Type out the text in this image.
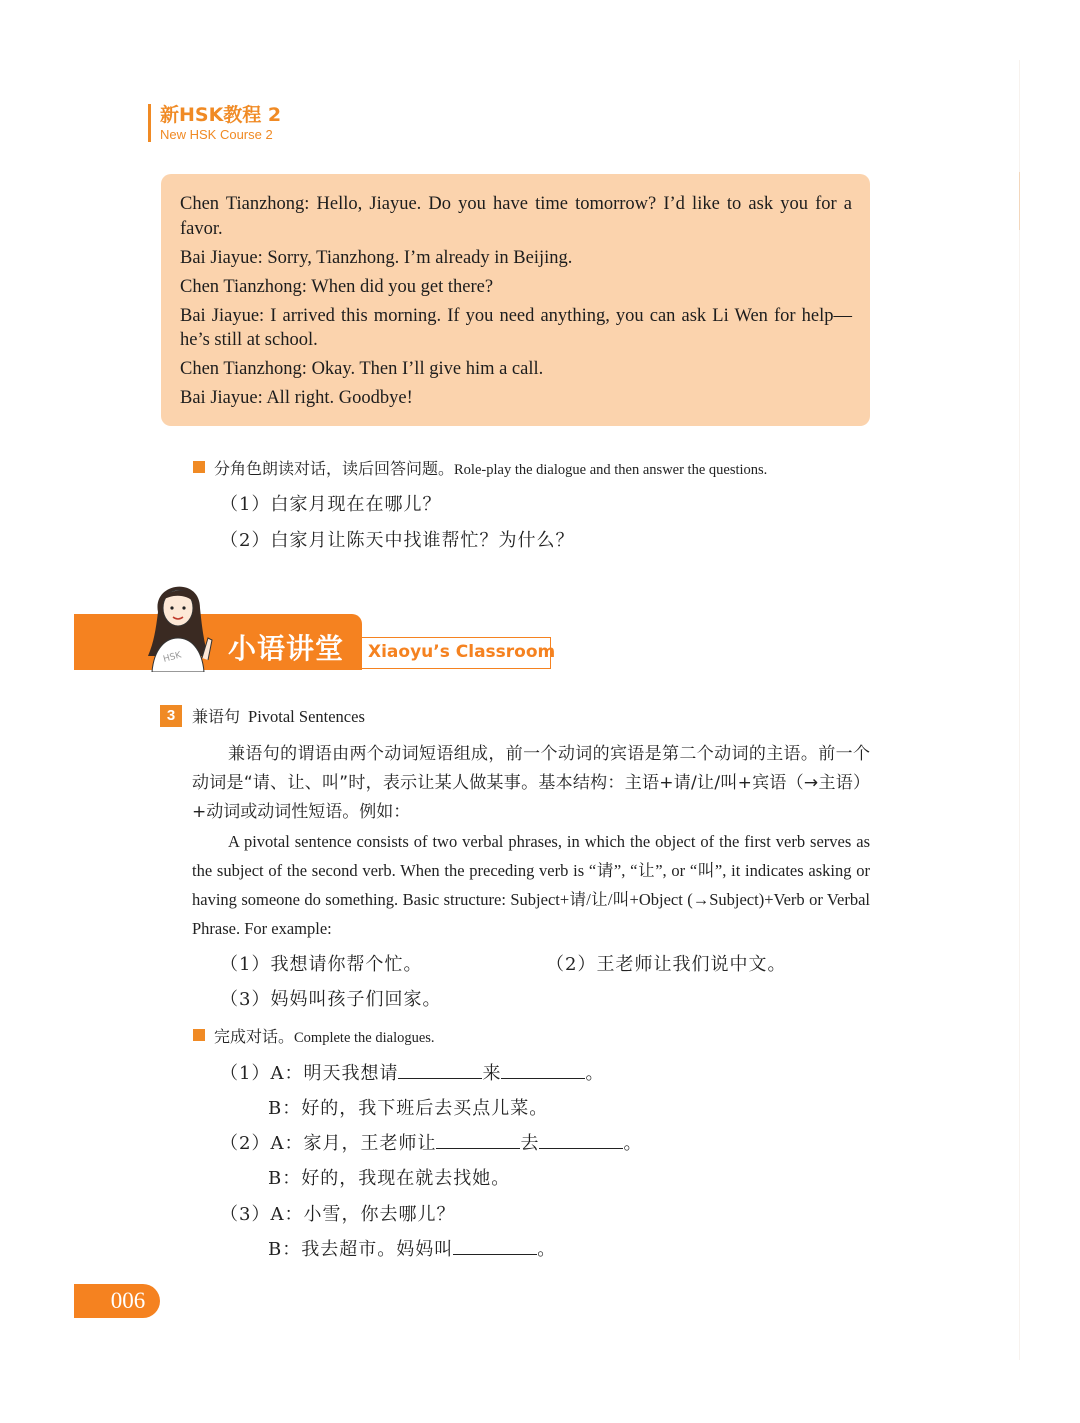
新HSK教程 2
New HSK Course 2

Chen Tianzhong: Hello, Jiayue. Do you have time tomorrow? I’d like to ask you for a favor.

Bai Jiayue: Sorry, Tianzhong. I’m already in Beijing.

Chen Tianzhong: When did you get there?

Bai Jiayue: I arrived this morning. If you need anything, you can ask Li Wen for help—he’s still at school.

Chen Tianzhong: Okay. Then I’ll give him a call.

Bai Jiayue: All right. Goodbye!

分角色朗读对话，读后回答问题。Role-play the dialogue and then answer the questions.
（1）白家月现在在哪儿？
（2）白家月让陈天中找谁帮忙？为什么？
HSK 小语讲堂 Xiaoyu’s Classroom
3	兼语句 Pivotal Sentences
兼语句的谓语由两个动词短语组成，前一个动词的宾语是第二个动词的主语。前一个动词是“请、让、叫”时，表示让某人做某事。基本结构：主语+请/让/叫+宾语（→主语）+动词或动词性短语。例如：
A pivotal sentence consists of two verbal phrases, in which the object of the first verb serves as the subject of the second verb. When the preceding verb is “请”, “让”, or “叫”, it indicates asking or having someone do something. Basic structure: Subject+请/让/叫+Object (→Subject)+Verb or Verbal Phrase. For example:
（1）我想请你帮个忙。	（2）王老师让我们说中文。
（3）妈妈叫孩子们回家。
完成对话。Complete the dialogues.
（1）A：明天我想请	来	。
B：好的，我下班后去买点儿菜。
（2）A：家月，王老师让	去	。
B：好的，我现在就去找她。
（3）A：小雪，你去哪儿？
B：我去超市。妈妈叫	。
006
